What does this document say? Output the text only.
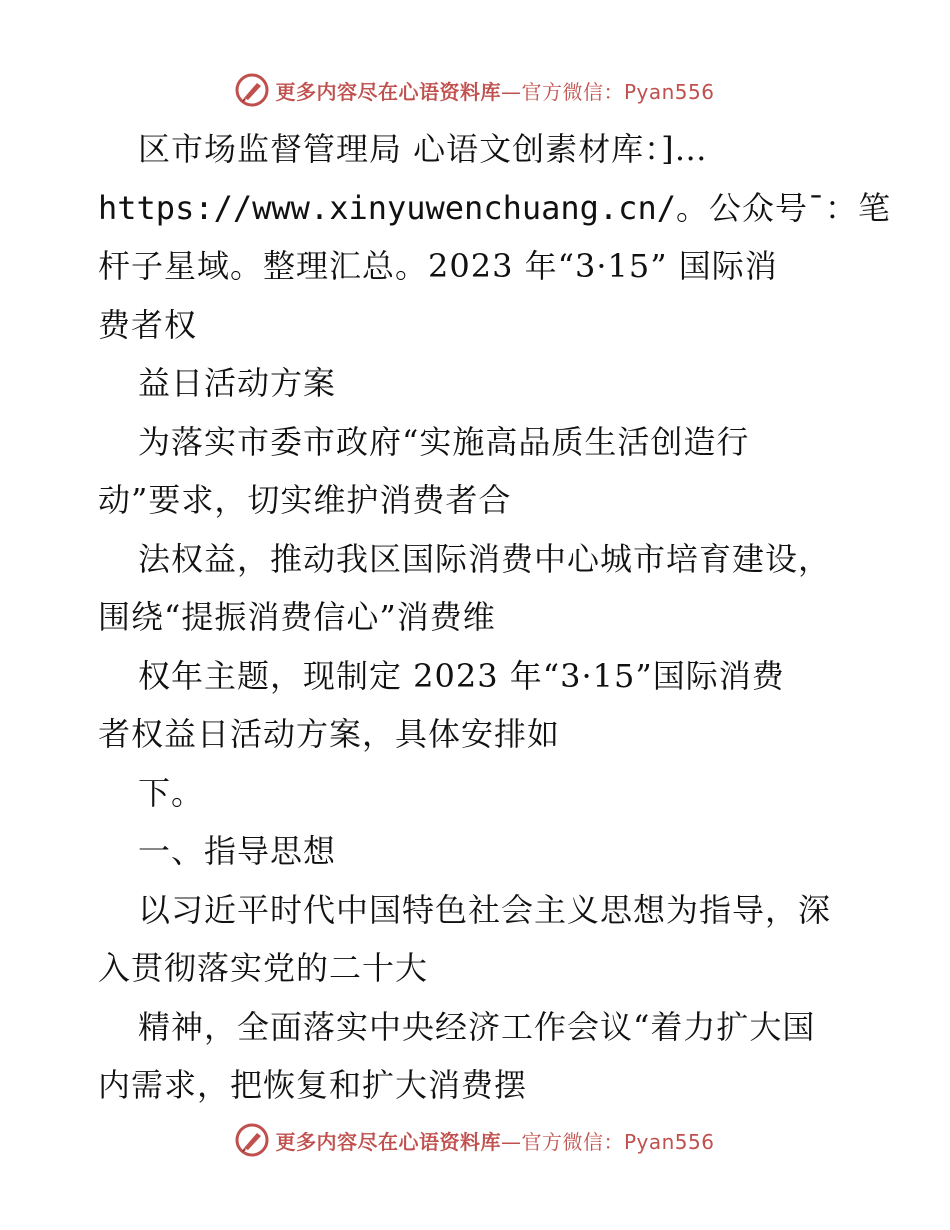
更多内容尽在心语资料库—官方微信：Pyan556
区市场监督管理局 心语文创素材库：]…
https://www.xinyuwenchuang.cn/。公众号¯：笔
杆子星域。整理汇总。2023 年“3·15” 国际消
费者权
益日活动方案
为落实市委市政府“实施高品质生活创造行
动”要求，切实维护消费者合
法权益，推动我区国际消费中心城市培育建设，
围绕“提振消费信心”消费维
权年主题，现制定 2023 年“3·15”国际消费
者权益日活动方案，具体安排如
下。
一、指导思想
以习近平时代中国特色社会主义思想为指导，深
入贯彻落实党的二十大
精神，全面落实中央经济工作会议“着力扩大国
内需求，把恢复和扩大消费摆
更多内容尽在心语资料库—官方微信：Pyan556
